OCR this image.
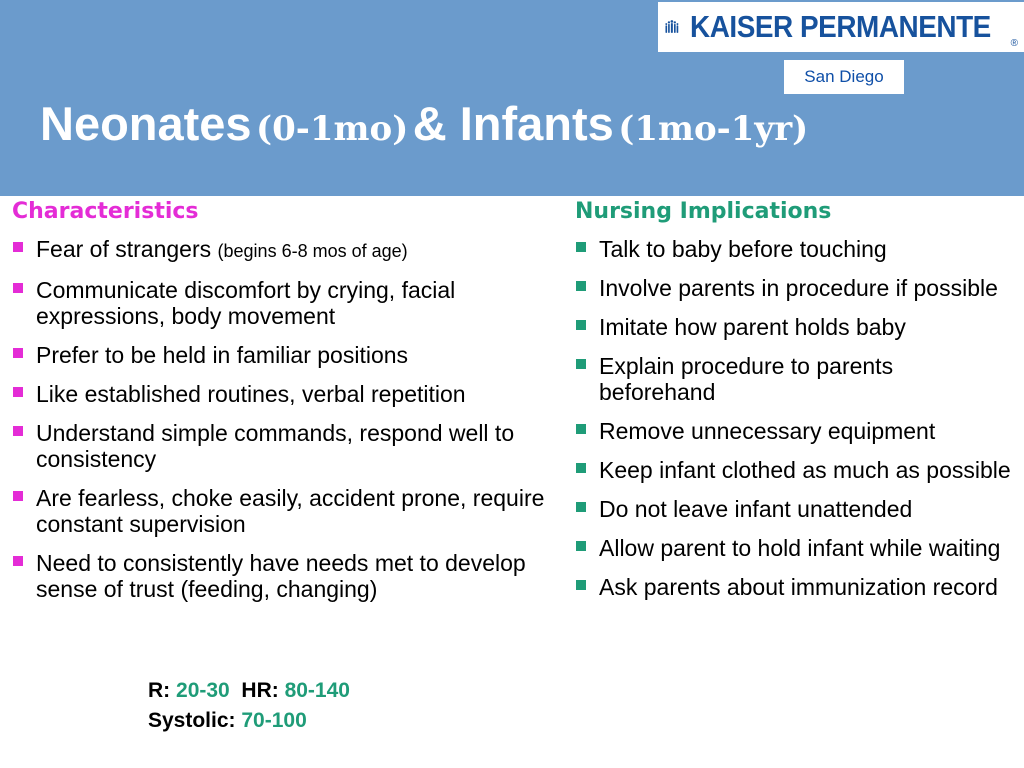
KAISER PERMANENTE ®
San Diego
Neonates (0-1mo) & Infants (1mo-1yr)
Characteristics
Fear of strangers (begins 6-8 mos of age)
Communicate discomfort by crying, facial expressions, body movement
Prefer to be held in familiar positions
Like established routines, verbal repetition
Understand simple commands, respond well to consistency
Are fearless, choke easily, accident prone, require constant supervision
Need to consistently have needs met to develop sense of trust (feeding, changing)
R: 20-30 HR: 80-140
Systolic: 70-100
Nursing Implications
Talk to baby before touching
Involve parents in procedure if possible
Imitate how parent holds baby
Explain procedure to parents beforehand
Remove unnecessary equipment
Keep infant clothed as much as possible
Do not leave infant unattended
Allow parent to hold infant while waiting
Ask parents about immunization record
